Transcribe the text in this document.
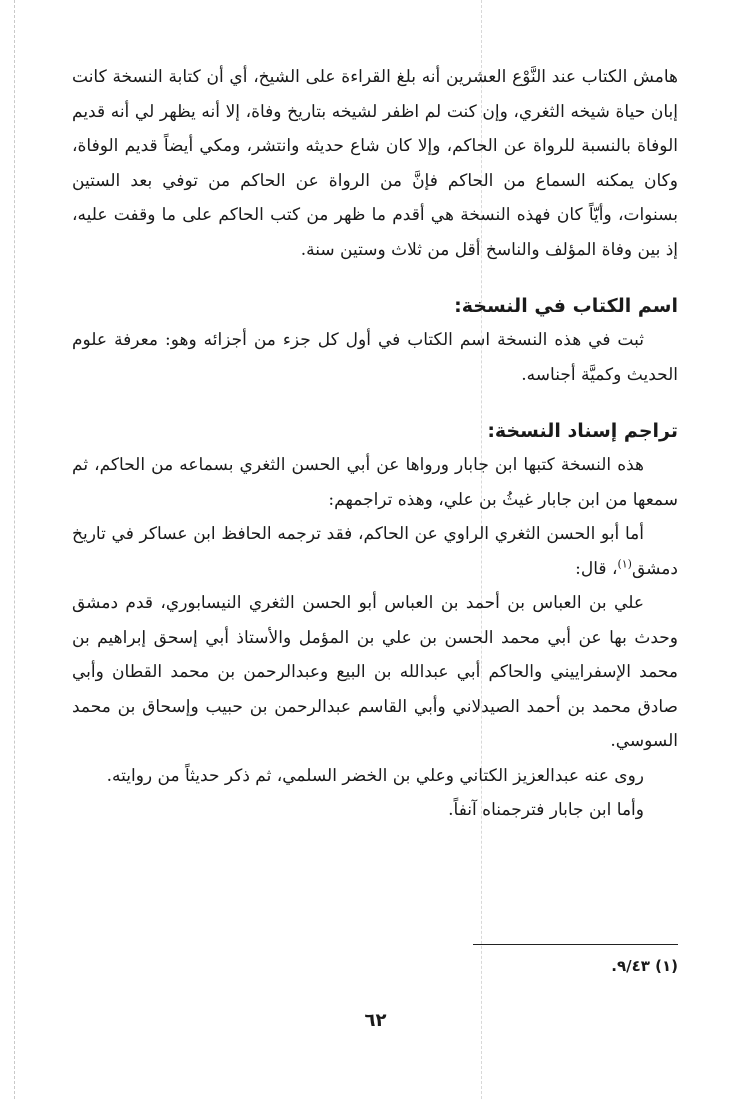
هامش الكتاب عند النَّوْع العشرين أنه بلغ القراءة على الشيخ، أي أن كتابة النسخة كانت إبان حياة شيخه الثغري، وإن كنت لم اظفر لشيخه بتاريخ وفاة، إلا أنه يظهر لي أنه قديم الوفاة بالنسبة للرواة عن الحاكم، وإلا كان شاع حديثه وانتشر، ومكي أيضاً قديم الوفاة، وكان يمكنه السماع من الحاكم فإنَّ من الرواة عن الحاكم من توفي بعد الستين بسنوات، وأيّاً كان فهذه النسخة هي أقدم ما ظهر من كتب الحاكم على ما وقفت عليه، إذ بين وفاة المؤلف والناسخ أقل من ثلاث وستين سنة.

اسم الكتاب في النسخة:

ثبت في هذه النسخة اسم الكتاب في أول كل جزء من أجزائه وهو: معرفة علوم الحديث وكميَّة أجناسه.

تراجم إسناد النسخة:

هذه النسخة كتبها ابن جابار ورواها عن أبي الحسن الثغري بسماعه من الحاكم، ثم سمعها من ابن جابار غيثُ بن علي، وهذه تراجمهم:

أما أبو الحسن الثغري الراوي عن الحاكم، فقد ترجمه الحافظ ابن عساكر في تاريخ دمشق$^{(١)}$، قال:

علي بن العباس بن أحمد بن العباس أبو الحسن الثغري النيسابوري، قدم دمشق وحدث بها عن أبي محمد الحسن بن علي بن المؤمل والأستاذ أبي إسحق إبراهيم بن محمد الإسفراييني والحاكم أبي عبدالله بن البيع وعبدالرحمن بن محمد القطان وأبي صادق محمد بن أحمد الصيدلاني وأبي القاسم عبدالرحمن بن حبيب وإسحاق بن محمد السوسي.

روى عنه عبدالعزيز الكتاني وعلي بن الخضر السلمي، ثم ذكر حديثاً من روايته.

وأما ابن جابار فترجمناه آنفاً.

(١) ٩/٤٣.
٦٢
